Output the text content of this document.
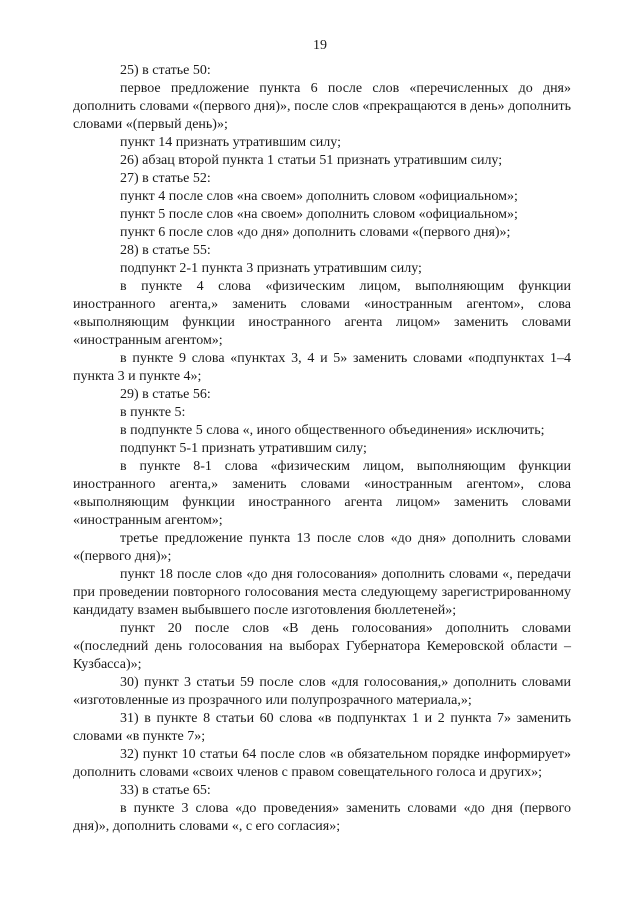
19

25) в статье 50:

первое предложение пункта 6 после слов «перечисленных до дня» дополнить словами «(первого дня)», после слов «прекращаются в день» дополнить словами «(первый день)»;

пункт 14 признать утратившим силу;

26) абзац второй пункта 1 статьи 51 признать утратившим силу;

27) в статье 52:

пункт 4 после слов «на своем» дополнить словом «официальном»;

пункт 5 после слов «на своем» дополнить словом «официальном»;

пункт 6 после слов «до дня» дополнить словами «(первого дня)»;

28) в статье 55:

подпункт 2-1 пункта 3 признать утратившим силу;

в пункте 4 слова «физическим лицом, выполняющим функции иностранного агента,» заменить словами «иностранным агентом», слова «выполняющим функции иностранного агента лицом» заменить словами «иностранным агентом»;

в пункте 9 слова «пунктах 3, 4 и 5» заменить словами «подпунктах 1–4 пункта 3 и пункте 4»;

29) в статье 56:

в пункте 5:

в подпункте 5 слова «, иного общественного объединения» исключить;

подпункт 5-1 признать утратившим силу;

в пункте 8-1 слова «физическим лицом, выполняющим функции иностранного агента,» заменить словами «иностранным агентом», слова «выполняющим функции иностранного агента лицом» заменить словами «иностранным агентом»;

третье предложение пункта 13 после слов «до дня» дополнить словами «(первого дня)»;

пункт 18 после слов «до дня голосования» дополнить словами «, передачи при проведении повторного голосования места следующему зарегистрированному кандидату взамен выбывшего после изготовления бюллетеней»;

пункт 20 после слов «В день голосования» дополнить словами «(последний день голосования на выборах Губернатора Кемеровской области – Кузбасса)»;

30) пункт 3 статьи 59 после слов «для голосования,» дополнить словами «изготовленные из прозрачного или полупрозрачного материала,»;

31) в пункте 8 статьи 60 слова «в подпунктах 1 и 2 пункта 7» заменить словами «в пункте 7»;

32) пункт 10 статьи 64 после слов «в обязательном порядке информирует» дополнить словами «своих членов с правом совещательного голоса и других»;

33) в статье 65:

в пункте 3 слова «до проведения» заменить словами «до дня (первого дня)», дополнить словами «, с его согласия»;
